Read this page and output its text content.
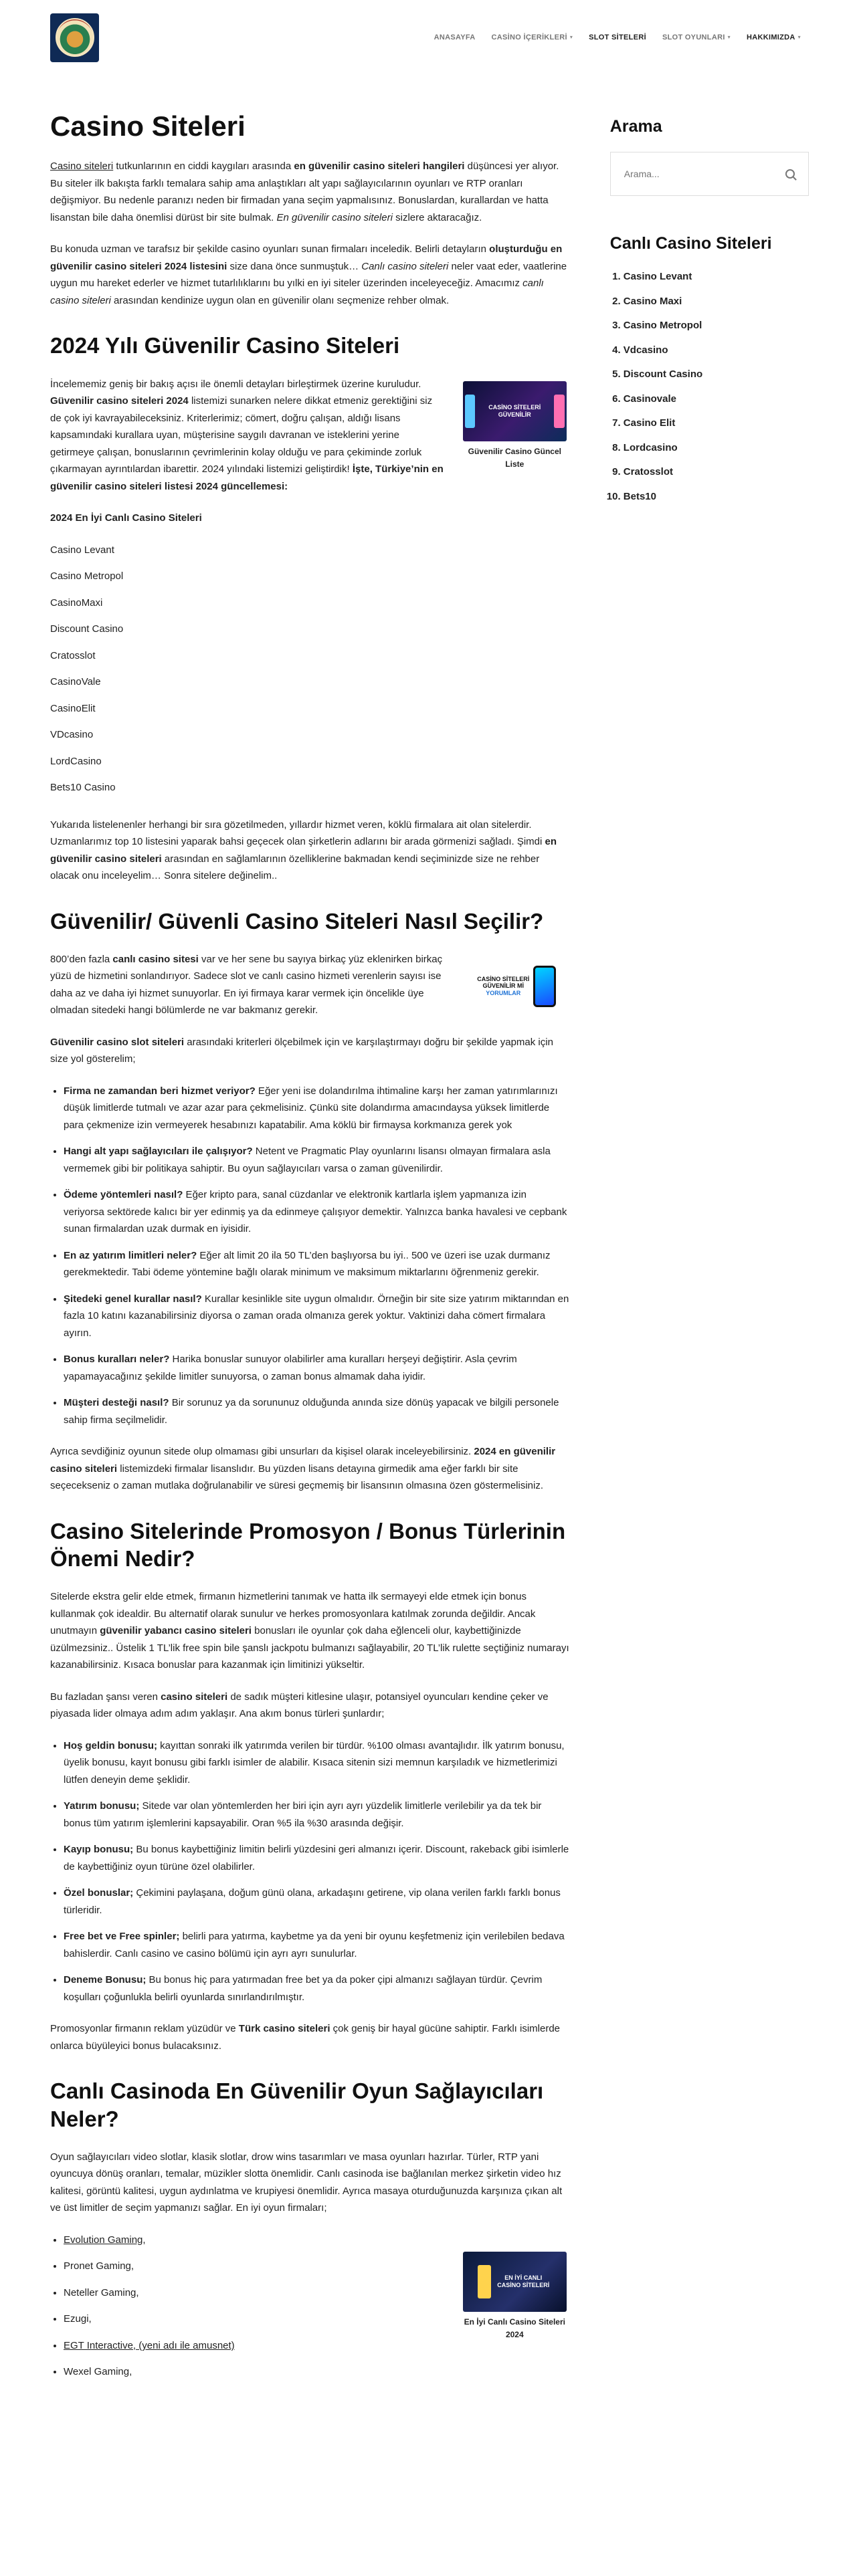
ANASAYFA CASİNO İÇERİKLERİ ▾ SLOT SİTELERİ SLOT OYUNLARI ▾ HAKKIMIZDA ▾
Casino Siteleri

Casino siteleri tutkunlarının en ciddi kaygıları arasında en güvenilir casino siteleri hangileri düşüncesi yer alıyor. Bu siteler ilk bakışta farklı temalara sahip ama anlaştıkları alt yapı sağlayıcılarının oyunları ve RTP oranları değişmiyor. Bu nedenle paranızı neden bir firmadan yana seçim yapmalısınız. Bonuslardan, kurallardan ve hatta lisanstan bile daha önemlisi dürüst bir site bulmak. En güvenilir casino siteleri sizlere aktaracağız.

Bu konuda uzman ve tarafsız bir şekilde casino oyunları sunan firmaları inceledik. Belirli detayların oluşturduğu en güvenilir casino siteleri 2024 listesini size dana önce sunmuştuk… Canlı casino siteleri neler vaat eder, vaatlerine uygun mu hareket ederler ve hizmet tutarlılıklarını bu yılki en iyi siteler üzerinden inceleyeceğiz. Amacımız canlı casino siteleri arasından kendinize uygun olan en güvenilir olanı seçmenize rehber olmak.

2024 Yılı Güvenilir Casino Siteleri
CASİNO SİTELERİ GÜVENİLİR
Güvenilir Casino Güncel Liste

İncelememiz geniş bir bakış açısı ile önemli detayları birleştirmek üzerine kuruludur. Güvenilir casino siteleri 2024 listemizi sunarken nelere dikkat etmeniz gerektiğini siz de çok iyi kavrayabileceksiniz. Kriterlerimiz; cömert, doğru çalışan, aldığı lisans kapsamındaki kurallara uyan, müşterisine saygılı davranan ve isteklerini yerine getirmeye çalışan, bonuslarının çevrimlerinin kolay olduğu ve para çekiminde zorluk çıkarmayan ayrıntılardan ibarettir. 2024 yılındaki listemizi geliştirdik! İşte, Türkiye’nin en güvenilir casino siteleri listesi 2024 güncellemesi:

2024 En İyi Canlı Casino Siteleri

Casino Levant
Casino Metropol
CasinoMaxi
Discount Casino
Cratosslot
CasinoVale
CasinoElit
VDcasino
LordCasino
Bets10 Casino

Yukarıda listelenenler herhangi bir sıra gözetilmeden, yıllardır hizmet veren, köklü firmalara ait olan sitelerdir. Uzmanlarımız top 10 listesini yaparak bahsi geçecek olan şirketlerin adlarını bir arada görmenizi sağladı. Şimdi en güvenilir casino siteleri arasından en sağlamlarının özelliklerine bakmadan kendi seçiminizde size ne rehber olacak onu inceleyelim… Sonra sitelere değinelim..

Güvenilir/ Güvenli Casino Siteleri Nasıl Seçilir?
CASİNO SİTELERİ
GÜVENİLİR Mİ
YORUMLAR

800’den fazla canlı casino sitesi var ve her sene bu sayıya birkaç yüz eklenirken birkaç yüzü de hizmetini sonlandırıyor. Sadece slot ve canlı casino hizmeti verenlerin sayısı ise daha az ve daha iyi hizmet sunuyorlar. En iyi firmaya karar vermek için öncelikle üye olmadan sitedeki hangi bölümlerde ne var bakmanız gerekir.

Güvenilir casino slot siteleri arasındaki kriterleri ölçebilmek için ve karşılaştırmayı doğru bir şekilde yapmak için size yol gösterelim;

• Firma ne zamandan beri hizmet veriyor? Eğer yeni ise dolandırılma ihtimaline karşı her zaman yatırımlarınızı düşük limitlerde tutmalı ve azar azar para çekmelisiniz. Çünkü site dolandırma amacındaysa yüksek limitlerde para çekmenize izin vermeyerek hesabınızı kapatabilir. Ama köklü bir firmaysa korkmanıza gerek yok
• Hangi alt yapı sağlayıcıları ile çalışıyor? Netent ve Pragmatic Play oyunlarını lisansı olmayan firmalara asla vermemek gibi bir politikaya sahiptir. Bu oyun sağlayıcıları varsa o zaman güvenilirdir.
• Ödeme yöntemleri nasıl? Eğer kripto para, sanal cüzdanlar ve elektronik kartlarla işlem yapmanıza izin veriyorsa sektörede kalıcı bir yer edinmiş ya da edinmeye çalışıyor demektir. Yalnızca banka havalesi ve cepbank sunan firmalardan uzak durmak en iyisidir.
• En az yatırım limitleri neler? Eğer alt limit 20 ila 50 TL’den başlıyorsa bu iyi.. 500 ve üzeri ise uzak durmanız gerekmektedir. Tabi ödeme yöntemine bağlı olarak minimum ve maksimum miktarlarını öğrenmeniz gerekir.
• Şitedeki genel kurallar nasıl? Kurallar kesinlikle site uygun olmalıdır. Örneğin bir site size yatırım miktarından en fazla 10 katını kazanabilirsiniz diyorsa o zaman orada olmanıza gerek yoktur. Vaktinizi daha cömert firmalara ayırın.
• Bonus kuralları neler? Harika bonuslar sunuyor olabilirler ama kuralları herşeyi değiştirir. Asla çevrim yapamayacağınız şekilde limitler sunuyorsa, o zaman bonus almamak daha iyidir.
• Müşteri desteği nasıl? Bir sorunuz ya da sorununuz olduğunda anında size dönüş yapacak ve bilgili personele sahip firma seçilmelidir.

Ayrıca sevdiğiniz oyunun sitede olup olmaması gibi unsurları da kişisel olarak inceleyebilirsiniz. 2024 en güvenilir casino siteleri listemizdeki firmalar lisanslıdır. Bu yüzden lisans detayına girmedik ama eğer farklı bir site seçecekseniz o zaman mutlaka doğrulanabilir ve süresi geçmemiş bir lisansının olmasına özen göstermelisiniz.

Casino Sitelerinde Promosyon / Bonus Türlerinin Önemi Nedir?

Sitelerde ekstra gelir elde etmek, firmanın hizmetlerini tanımak ve hatta ilk sermayeyi elde etmek için bonus kullanmak çok idealdir. Bu alternatif olarak sunulur ve herkes promosyonlara katılmak zorunda değildir. Ancak unutmayın güvenilir yabancı casino siteleri bonusları ile oyunlar çok daha eğlenceli olur, kaybettiğinizde üzülmezsiniz.. Üstelik 1 TL’lik free spin bile şanslı jackpotu bulmanızı sağlayabilir, 20 TL’lik rulette seçtiğiniz numarayı kazanabilirsiniz. Kısaca bonuslar para kazanmak için limitinizi yükseltir.

Bu fazladan şansı veren casino siteleri de sadık müşteri kitlesine ulaşır, potansiyel oyuncuları kendine çeker ve piyasada lider olmaya adım adım yaklaşır. Ana akım bonus türleri şunlardır;

• Hoş geldin bonusu; kayıttan sonraki ilk yatırımda verilen bir türdür. %100 olması avantajlıdır. İlk yatırım bonusu, üyelik bonusu, kayıt bonusu gibi farklı isimler de alabilir. Kısaca sitenin sizi memnun karşıladık ve hizmetlerimizi lütfen deneyin deme şeklidir.
• Yatırım bonusu; Sitede var olan yöntemlerden her biri için ayrı ayrı yüzdelik limitlerle verilebilir ya da tek bir bonus tüm yatırım işlemlerini kapsayabilir. Oran %5 ila %30 arasında değişir.
• Kayıp bonusu; Bu bonus kaybettiğiniz limitin belirli yüzdesini geri almanızı içerir. Discount, rakeback gibi isimlerle de kaybettiğiniz oyun türüne özel olabilirler.
• Özel bonuslar; Çekimini paylaşana, doğum günü olana, arkadaşını getirene, vip olana verilen farklı farklı bonus türleridir.
• Free bet ve Free spinler; belirli para yatırma, kaybetme ya da yeni bir oyunu keşfetmeniz için verilebilen bedava bahislerdir. Canlı casino ve casino bölümü için ayrı ayrı sunulurlar.
• Deneme Bonusu; Bu bonus hiç para yatırmadan free bet ya da poker çipi almanızı sağlayan türdür. Çevrim koşulları çoğunlukla belirli oyunlarda sınırlandırılmıştır.

Promosyonlar firmanın reklam yüzüdür ve Türk casino siteleri çok geniş bir hayal gücüne sahiptir. Farklı isimlerde onlarca büyüleyici bonus bulacaksınız.

Canlı Casinoda En Güvenilir Oyun Sağlayıcıları Neler?

Oyun sağlayıcıları video slotlar, klasik slotlar, drow wins tasarımları ve masa oyunları hazırlar. Türler, RTP yani oyuncuya dönüş oranları, temalar, müzikler slotta önemlidir. Canlı casinoda ise bağlanılan merkez şirketin video hız kalitesi, görüntü kalitesi, uygun aydınlatma ve krupiyesi önemlidir. Ayrıca masaya oturduğunuzda karşınıza çıkan alt ve üst limitler de seçim yapmanızı sağlar. En iyi oyun firmaları;

EN İYİ CANLI
CASİNO SİTELERİ
En İyi Canlı Casino Siteleri 2024
• Evolution Gaming,
• Pronet Gaming,
• Neteller Gaming,
• Ezugi,
• EGT Interactive, (yeni adı ile amusnet)
• Wexel Gaming,
Arama
Arama...
Canlı Casino Siteleri
1. Casino Levant
2. Casino Maxi
3. Casino Metropol
4. Vdcasino
5. Discount Casino
6. Casinovale
7. Casino Elit
8. Lordcasino
9. Cratosslot
10. Bets10
